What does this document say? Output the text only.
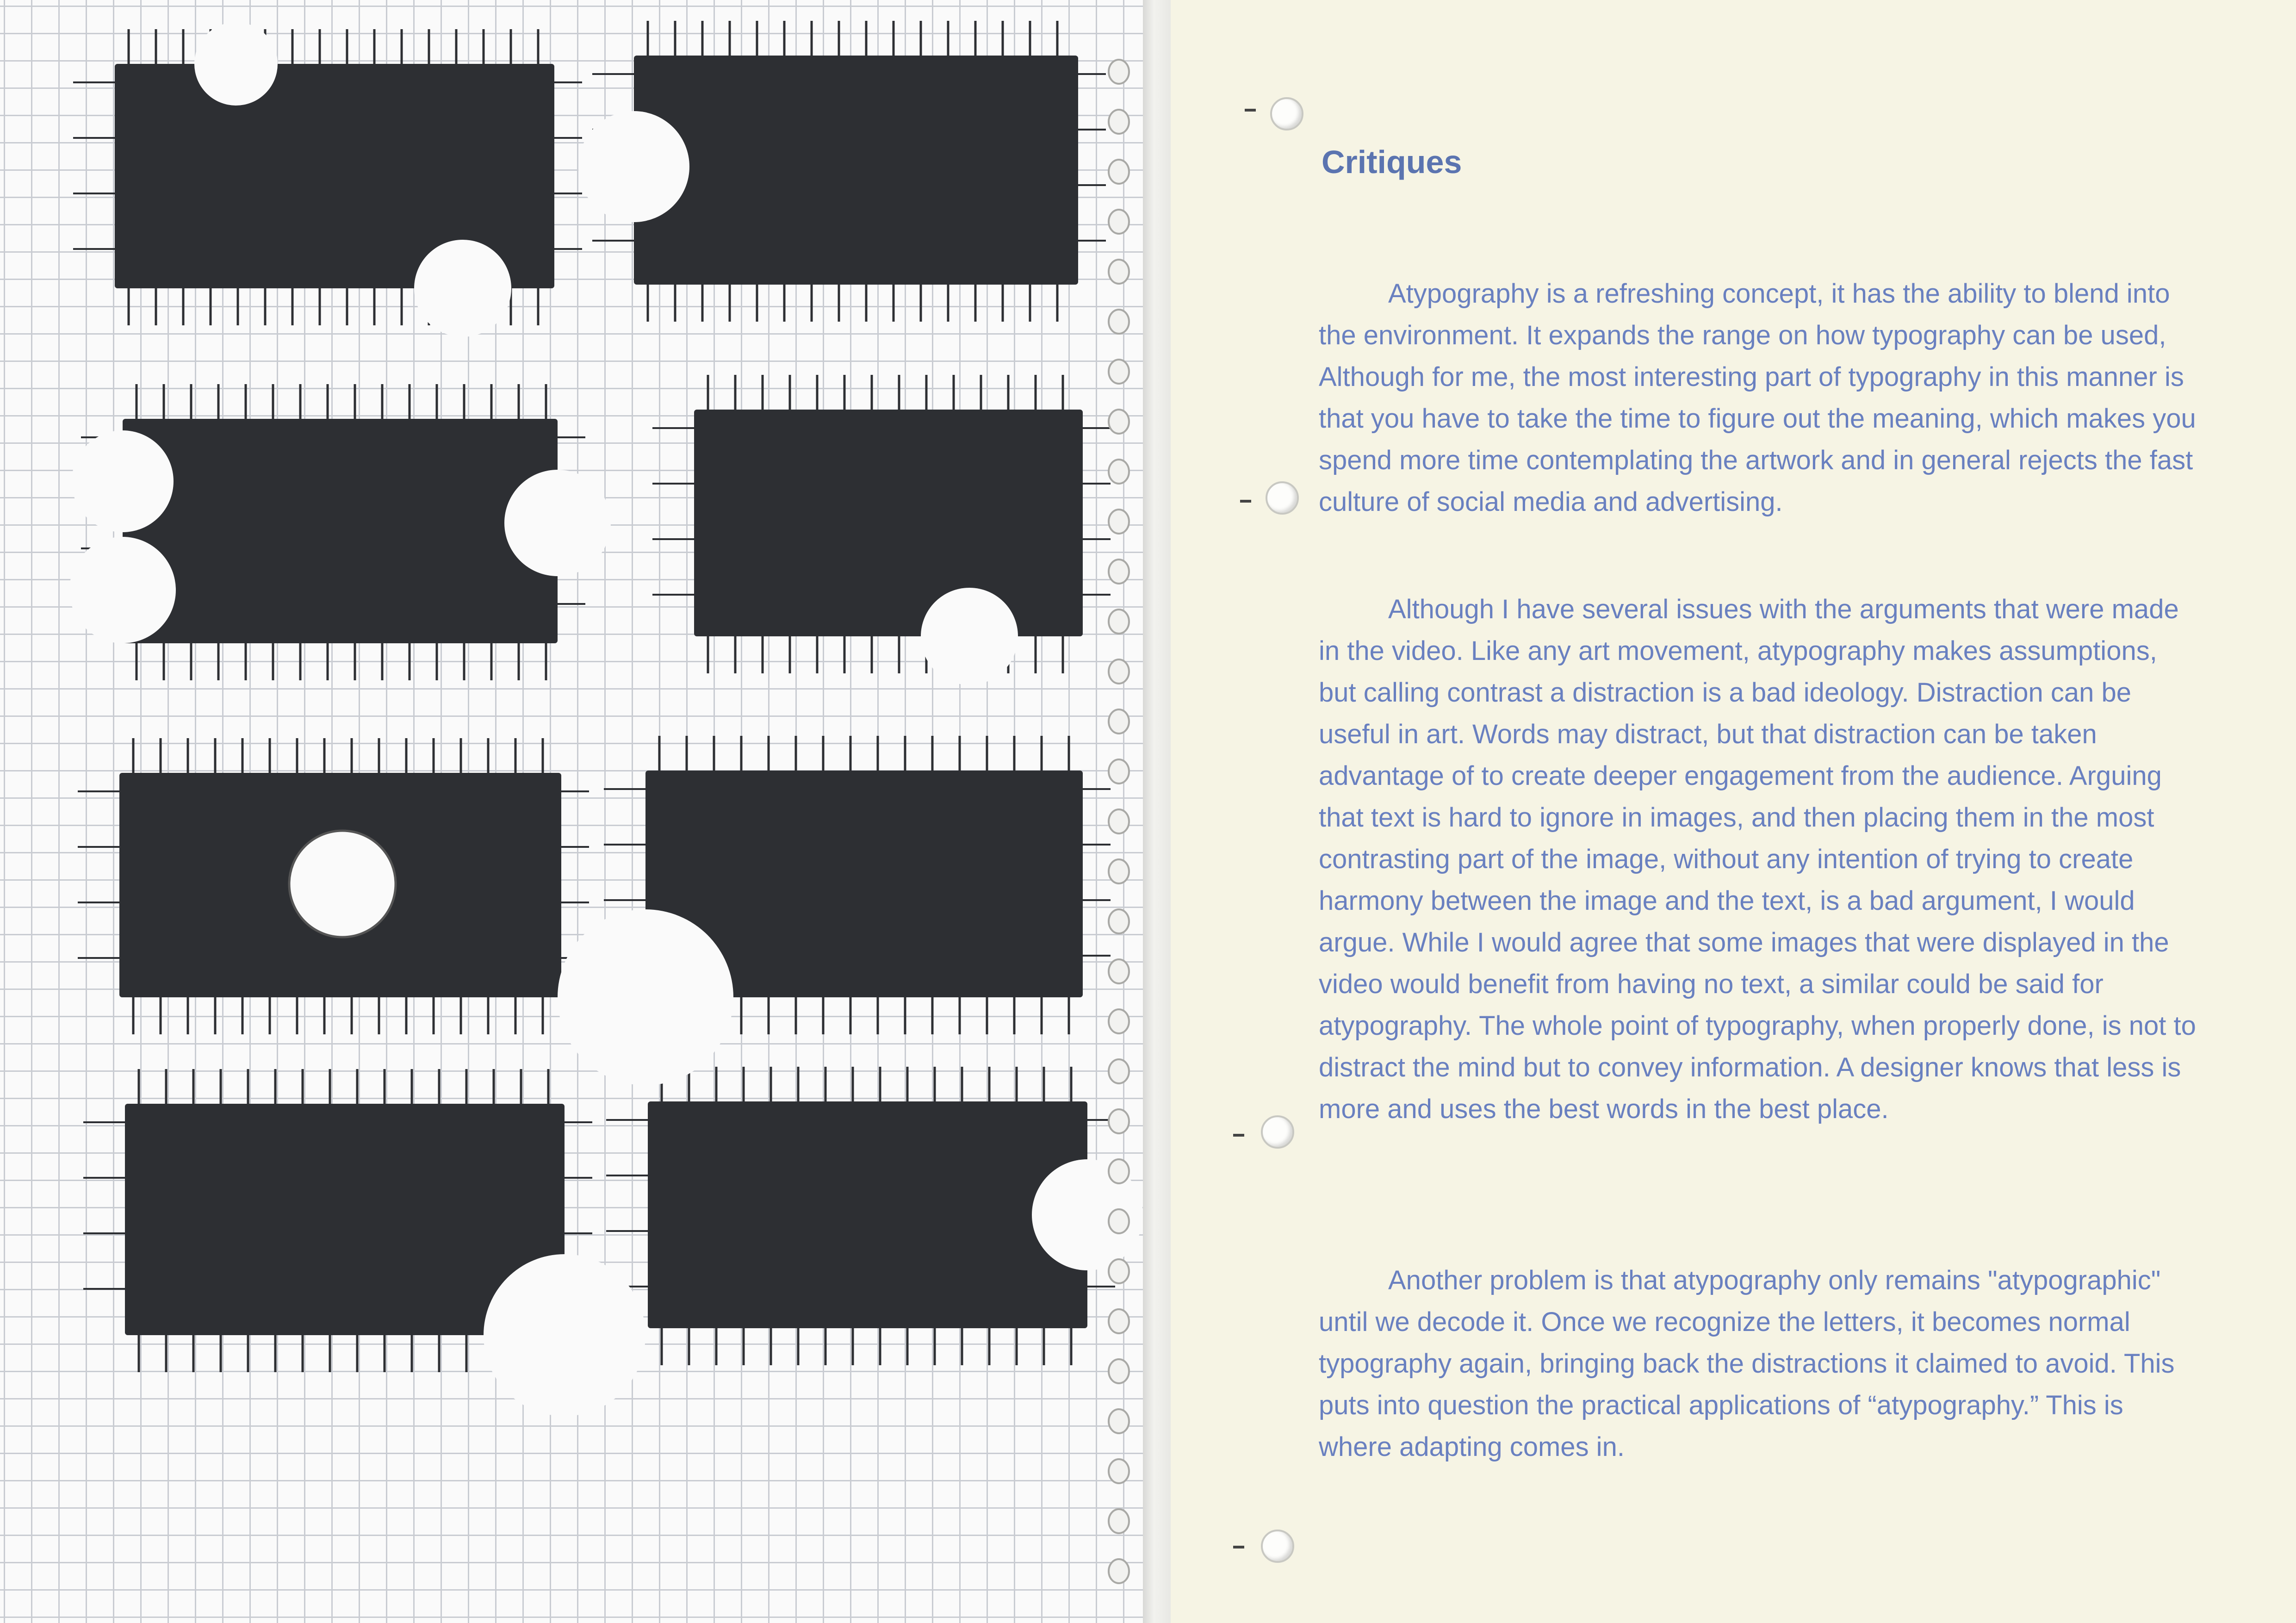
Critiques

Atypography is a refreshing concept, it has the ability to blend into the environment. It expands the range on how typography can be used, Although for me, the most interesting part of typography in this manner is that you have to take the time to figure out the meaning, which makes you spend more time contemplating the artwork and in general rejects the fast culture of social media and advertising.

Although I have several issues with the arguments that were made in the video. Like any art movement, atypography makes assumptions, but calling contrast a distraction is a bad ideology. Distraction can be useful in art. Words may distract, but that distraction can be taken advantage of to create deeper engagement from the audience. Arguing that text is hard to ignore in images, and then placing them in the most contrasting part of the image, without any intention of trying to create harmony between the image and the text, is a bad argument, I would argue. While I would agree that some images that were displayed in the video would benefit from having no text, a similar could be said for atypography. The whole point of typography, when properly done, is not to distract the mind but to convey information. A designer knows that less is more and uses the best words in the best place.

Another problem is that atypography only remains "atypographic" until we decode it. Once we recognize the letters, it becomes normal typography again, bringing back the distractions it claimed to avoid. This puts into question the practical applications of “atypography.” This is where adapting comes in.
